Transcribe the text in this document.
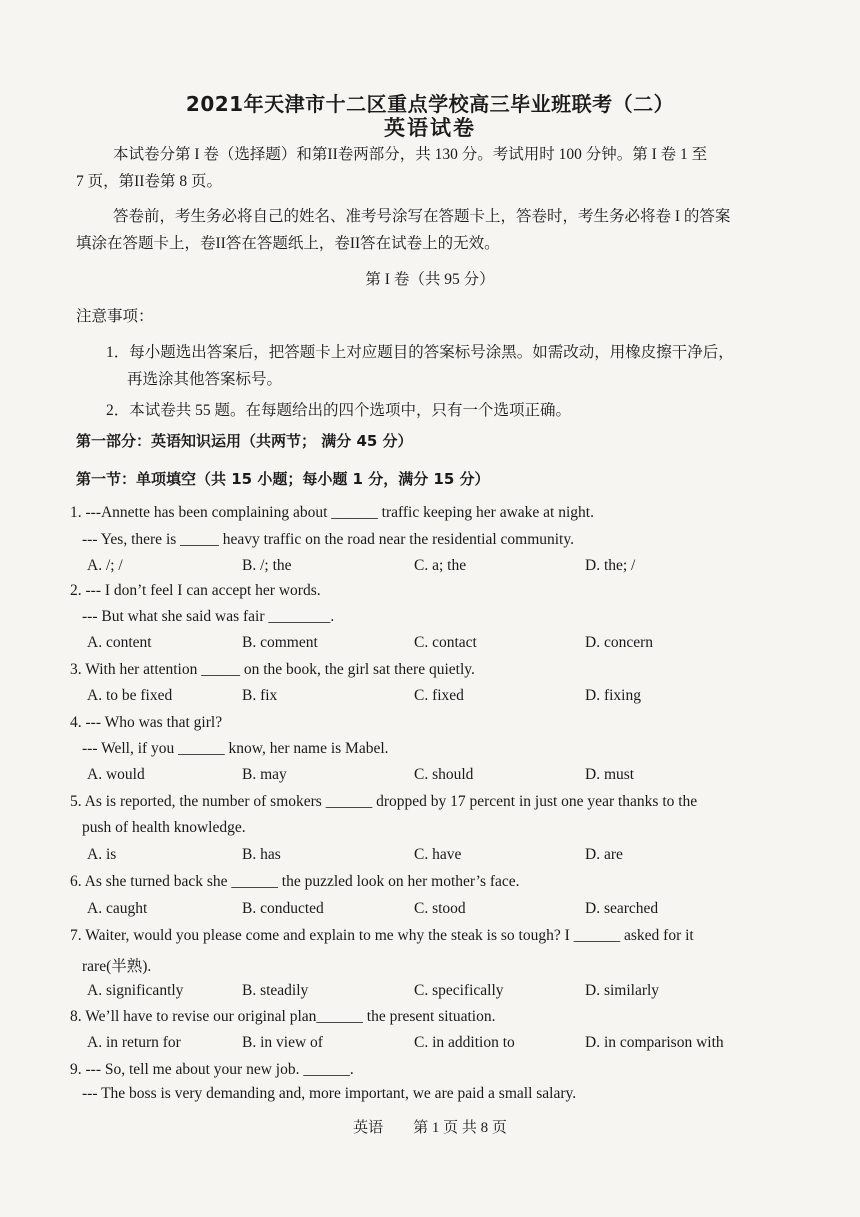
2021年天津市十二区重点学校高三毕业班联考（二）
英语试卷
本试卷分第 I 卷（选择题）和第II卷两部分，共 130 分。考试用时 100 分钟。第 I 卷 1 至
7 页，第II卷第 8 页。
答卷前，考生务必将自己的姓名、准考号涂写在答题卡上，答卷时，考生务必将卷 I 的答案
填涂在答题卡上，卷II答在答题纸上，卷II答在试卷上的无效。
第 I 卷（共 95 分）
注意事项：
1．每小题选出答案后，把答题卡上对应题目的答案标号涂黑。如需改动，用橡皮擦干净后，
再选涂其他答案标号。
2．本试卷共 55 题。在每题给出的四个选项中，只有一个选项正确。
第一部分：英语知识运用（共两节； 满分 45 分）
第一节：单项填空（共 15 小题；每小题 1 分，满分 15 分）
1. ---Annette has been complaining about ______ traffic keeping her awake at night.
--- Yes, there is _____ heavy traffic on the road near the residential community.
A. /; /	B. /; the	C. a; the	D. the; /
2. --- I don’t feel I can accept her words.
--- But what she said was fair ________.
A. content	B. comment	C. contact	D. concern
3. With her attention _____ on the book, the girl sat there quietly.
A. to be fixed	B. fix	C. fixed	D. fixing
4. --- Who was that girl?
--- Well, if you ______ know, her name is Mabel.
A. would	B. may	C. should	D. must
5. As is reported, the number of smokers ______ dropped by 17 percent in just one year thanks to the
push of health knowledge.
A. is	B. has	C. have	D. are
6. As she turned back she ______ the puzzled look on her mother’s face.
A. caught	B. conducted	C. stood	D. searched
7. Waiter, would you please come and explain to me why the steak is so tough? I ______ asked for it
rare(半熟).
A. significantly	B. steadily	C. specifically	D. similarly
8. We’ll have to revise our original plan______ the present situation.
A. in return for	B. in view of	C. in addition to	D. in comparison with
9. --- So, tell me about your new job. ______.
--- The boss is very demanding and, more important, we are paid a small salary.
英语        第 1 页 共 8 页
